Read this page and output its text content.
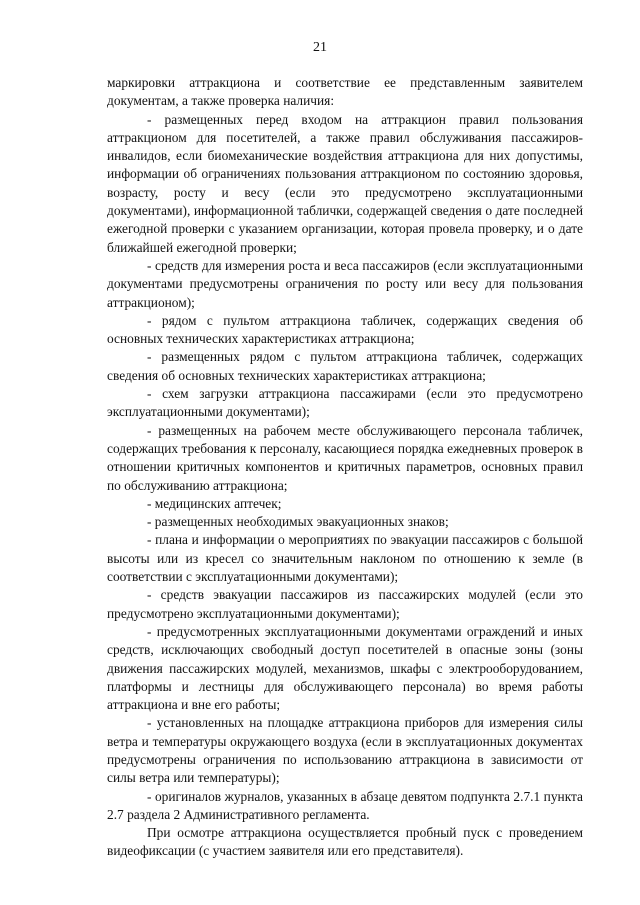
21

маркировки аттракциона и соответствие ее представленным заявителем документам, а также проверка наличия:

- размещенных перед входом на аттракцион правил пользования аттракционом для посетителей, а также правил обслуживания пассажиров-инвалидов, если биомеханические воздействия аттракциона для них допустимы, информации об ограничениях пользования аттракционом по состоянию здоровья, возрасту, росту и весу (если это предусмотрено эксплуатационными документами), информационной таблички, содержащей сведения о дате последней ежегодной проверки с указанием организации, которая провела проверку, и о дате ближайшей ежегодной проверки;

- средств для измерения роста и веса пассажиров (если эксплуатационными документами предусмотрены ограничения по росту или весу для пользования аттракционом);

- рядом с пультом аттракциона табличек, содержащих сведения об основных технических характеристиках аттракциона;

- размещенных рядом с пультом аттракциона табличек, содержащих сведения об основных технических характеристиках аттракциона;

- схем загрузки аттракциона пассажирами (если это предусмотрено эксплуатационными документами);

- размещенных на рабочем месте обслуживающего персонала табличек, содержащих требования к персоналу, касающиеся порядка ежедневных проверок в отношении критичных компонентов и критичных параметров, основных правил по обслуживанию аттракциона;

- медицинских аптечек;

- размещенных необходимых эвакуационных знаков;

- плана и информации о мероприятиях по эвакуации пассажиров с большой высоты или из кресел со значительным наклоном по отношению к земле (в соответствии с эксплуатационными документами);

- средств эвакуации пассажиров из пассажирских модулей (если это предусмотрено эксплуатационными документами);

- предусмотренных эксплуатационными документами ограждений и иных средств, исключающих свободный доступ посетителей в опасные зоны (зоны движения пассажирских модулей, механизмов, шкафы с электрооборудованием, платформы и лестницы для обслуживающего персонала) во время работы аттракциона и вне его работы;

- установленных на площадке аттракциона приборов для измерения силы ветра и температуры окружающего воздуха (если в эксплуатационных документах предусмотрены ограничения по использованию аттракциона в зависимости от силы ветра или температуры);

- оригиналов журналов, указанных в абзаце девятом подпункта 2.7.1 пункта 2.7 раздела 2 Административного регламента.

При осмотре аттракциона осуществляется пробный пуск с проведением видеофиксации (с участием заявителя или его представителя).
